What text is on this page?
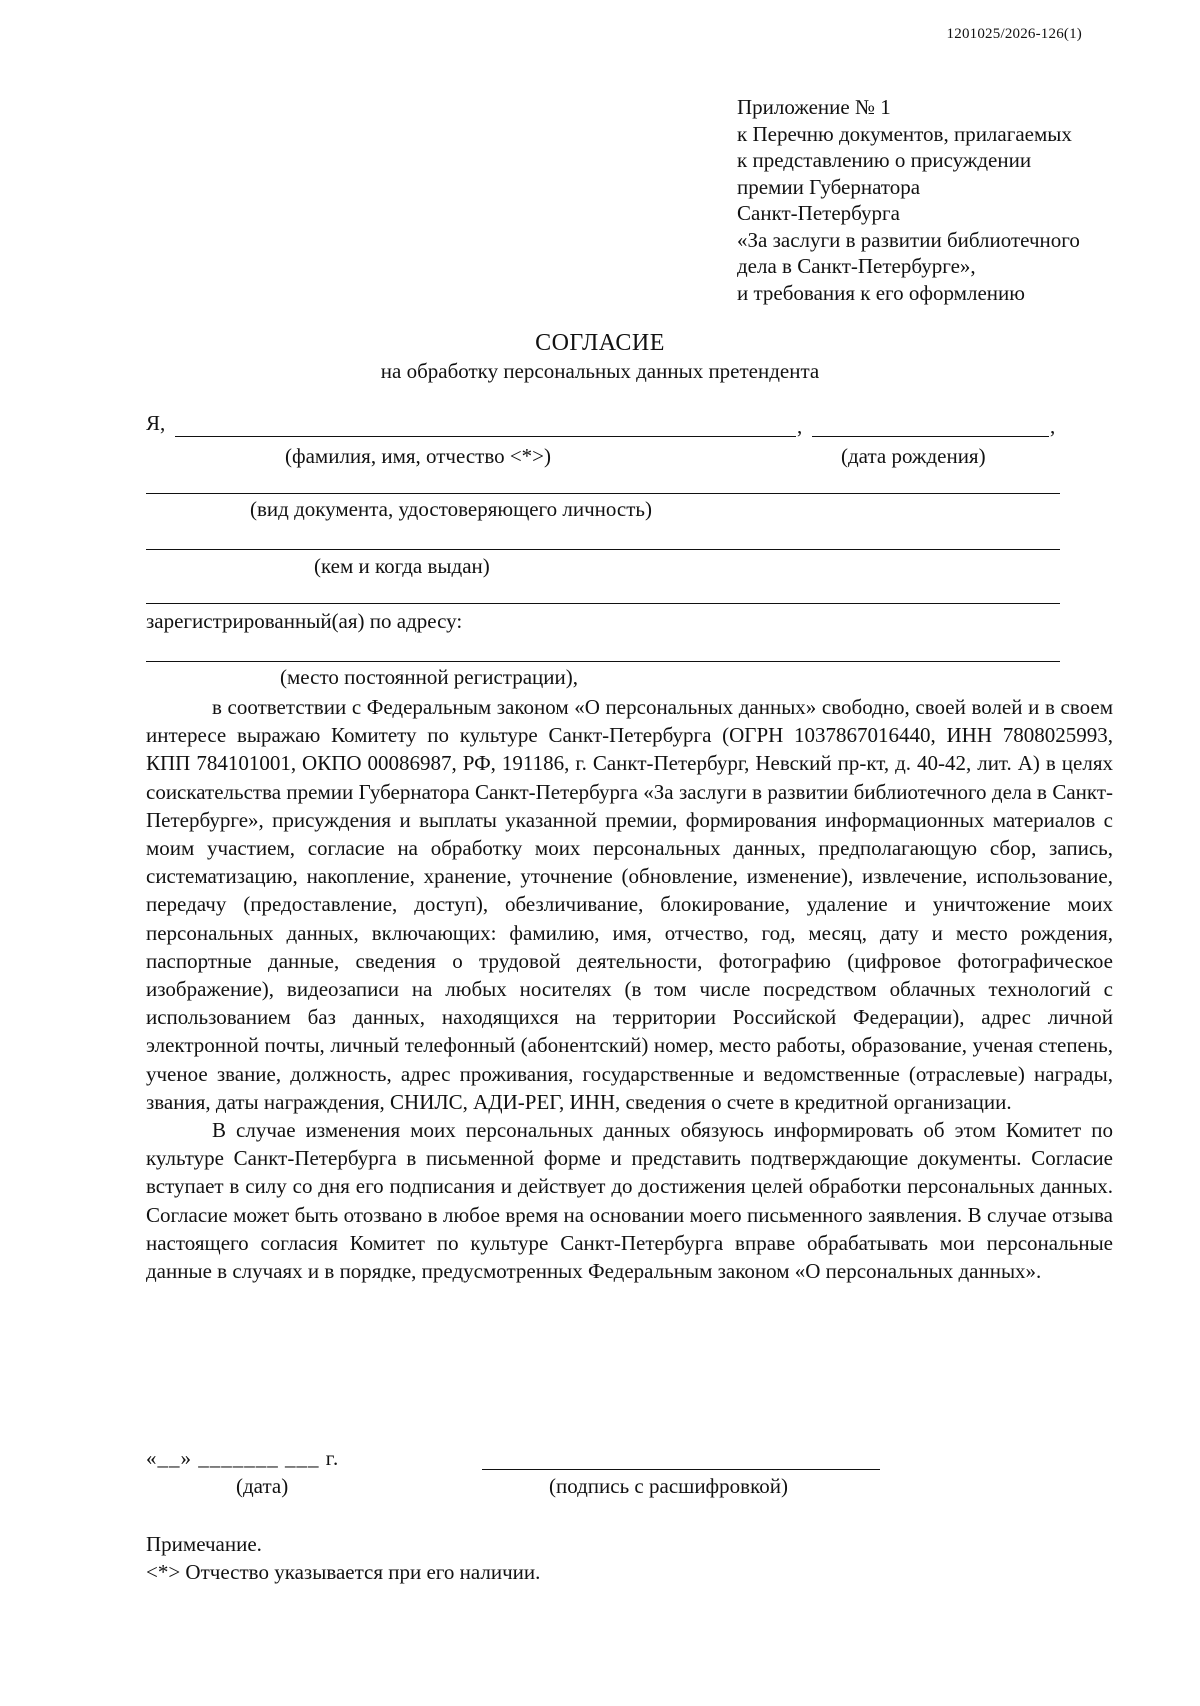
1201025/2026-126(1)
Приложение № 1
к Перечню документов, прилагаемых
к представлению о присуждении
премии Губернатора
Санкт-Петербурга
«За заслуги в развитии библиотечного
дела в Санкт-Петербурге»,
и требования к его оформлению
СОГЛАСИЕ
на обработку персональных данных претендента
Я,	,	,
(фамилия, имя, отчество <*>)	(дата рождения)
(вид документа, удостоверяющего личность)
(кем и когда выдан)
зарегистрированный(ая) по адресу:
(место постоянной регистрации),

в соответствии с Федеральным законом «О персональных данных» свободно, своей волей и в своем интересе выражаю Комитету по культуре Санкт-Петербурга (ОГРН 1037867016440, ИНН 7808025993, КПП 784101001, ОКПО 00086987, РФ, 191186, г. Санкт-Петербург, Невский пр-кт, д. 40-42, лит. А) в целях соискательства премии Губернатора Санкт-Петербурга «За заслуги в развитии библиотечного дела в Санкт-Петербурге», присуждения и выплаты указанной премии, формирования информационных материалов с моим участием, согласие на обработку моих персональных данных, предполагающую сбор, запись, систематизацию, накопление, хранение, уточнение (обновление, изменение), извлечение, использование, передачу (предоставление, доступ), обезличивание, блокирование, удаление и уничтожение моих персональных данных, включающих: фамилию, имя, отчество, год, месяц, дату и место рождения, паспортные данные, сведения о трудовой деятельности, фотографию (цифровое фотографическое изображение), видеозаписи на любых носителях (в том числе посредством облачных технологий с использованием баз данных, находящихся на территории Российской Федерации), адрес личной электронной почты, личный телефонный (абонентский) номер, место работы, образование, ученая степень, ученое звание, должность, адрес проживания, государственные и ведомственные (отраслевые) награды, звания, даты награждения, СНИЛС, АДИ-РЕГ, ИНН, сведения о счете в кредитной организации.

В случае изменения моих персональных данных обязуюсь информировать об этом Комитет по культуре Санкт-Петербурга в письменной форме и представить подтверждающие документы. Согласие вступает в силу со дня его подписания и действует до достижения целей обработки персональных данных. Согласие может быть отозвано в любое время на основании моего письменного заявления. В случае отзыва настоящего согласия Комитет по культуре Санкт-Петербурга вправе обрабатывать мои персональные данные в случаях и в порядке, предусмотренных Федеральным законом «О персональных данных».

«__» _______ ___ г.
(дата)	(подпись с расшифровкой)
Примечание.
<*> Отчество указывается при его наличии.
